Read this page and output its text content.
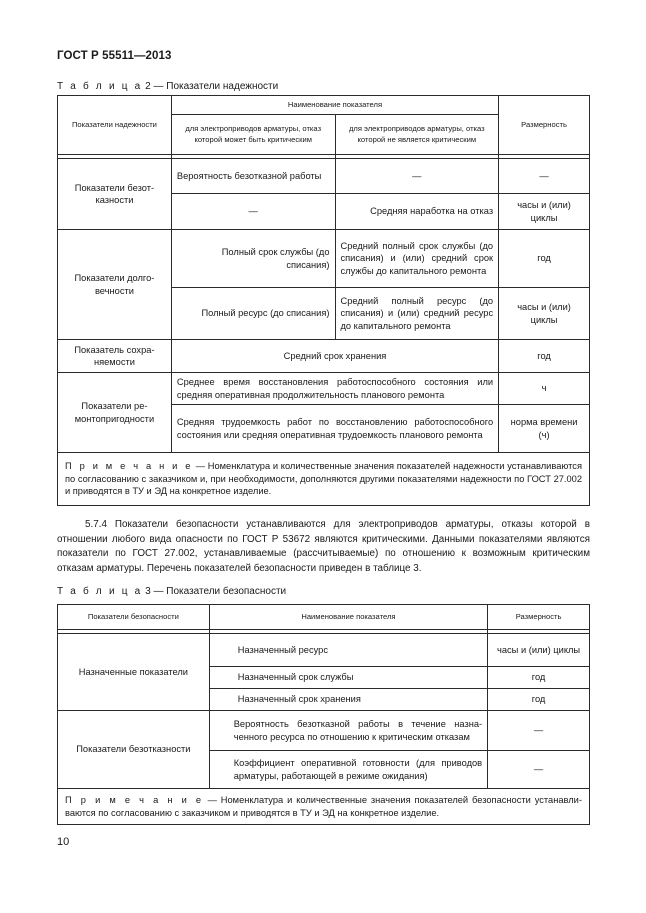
ГОСТ Р 55511—2013
Т а б л и ц а 2 — Показатели надежности
Показатели надежности	Наименование показателя		Размерность
	для электроприводов арматуры, отказ которой может быть критическим	для электроприводов арматуры, отказ которой не является критическим	

Показатели безотказности	Вероятность безотказной работы	—	—
	—	Средняя наработка на отказ	часы и (или) циклы
Показатели долговечности	Полный срок службы (до списания)	Средний полный срок службы (до списания) и (или) средний срок службы до капитального ремонта	год
	Полный ресурс (до списания)	Средний полный ресурс (до списания) и (или) средний ресурс до капитального ремонта	часы и (или) циклы
Показатель сохраняемости	Средний срок хранения		год
Показатели ремонтопригодности	Среднее время восстановления работоспособного состояния или средняя оперативная продолжительность планового ремонта		ч
	Средняя трудоемкость работ по восстановлению работоспособного состояния или средняя оперативная трудоемкость планового ремонта		норма времени (ч)
П р и м е ч а н и е — Номенклатура и количественные значения показателей надежности устанавливаются по согласованию с заказчиком и, при необходимости, дополняются другими показателями надежности по ГОСТ 27.002 и приводятся в ТУ и ЭД на конкретное изделие.			

5.7.4 Показатели безопасности устанавливаются для электроприводов арматуры, отказы которой в отношении любого вида опасности по ГОСТ Р 53672 являются критическими. Данными показателями являются показатели по ГОСТ 27.002, устанавливаемые (рассчитываемые) по отношению к возможным критическим отказам арматуры. Перечень показателей безопасности приведен в таблице 3.

Т а б л и ц а 3 — Показатели безопасности
Показатели безопасности	Наименование показателя	Размерность

Назначенные показатели	Назначенный ресурс	часы и (или) циклы
	Назначенный срок службы	год
	Назначенный срок хранения	год
Показатели безотказности	Вероятность безотказной работы в течение назначенного ресурса по отношению к критическим отказам	—
	Коэффициент оперативной готовности (для приводов арматуры, работающей в режиме ожидания)	—
П р и м е ч а н и е — Номенклатура и количественные значения показателей безопасности устанавливаются по согласованию с заказчиком и приводятся в ТУ и ЭД на конкретное изделие.		
10
